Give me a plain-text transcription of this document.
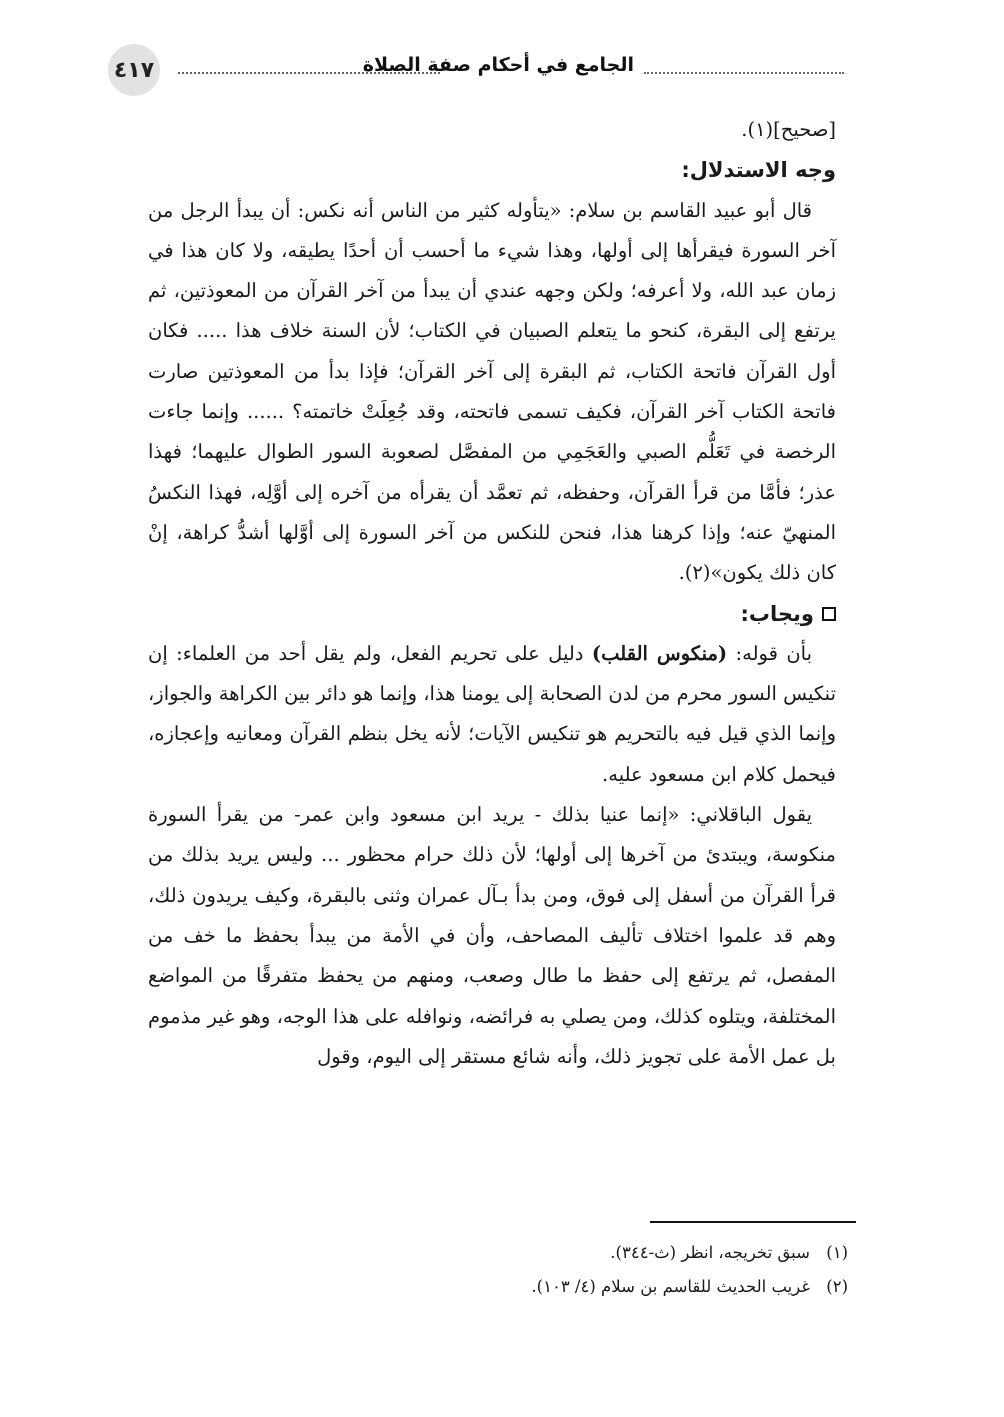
٤١٧	الجامع في أحكام صفة الصلاة

[صحيح](١).

وجه الاستدلال:

قال أبو عبيد القاسم بن سلام: «يتأوله كثير من الناس أنه نكس: أن يبدأ الرجل من آخر السورة فيقرأها إلى أولها، وهذا شيء ما أحسب أن أحدًا يطيقه، ولا كان هذا في زمان عبد الله، ولا أعرفه؛ ولكن وجهه عندي أن يبدأ من آخر القرآن من المعوذتين، ثم يرتفع إلى البقرة، كنحو ما يتعلم الصبيان في الكتاب؛ لأن السنة خلاف هذا ..... فكان أول القرآن فاتحة الكتاب، ثم البقرة إلى آخر القرآن؛ فإذا بدأ من المعوذتين صارت فاتحة الكتاب آخر القرآن، فكيف تسمى فاتحته، وقد جُعِلَتْ خاتمته؟ ...... وإنما جاءت الرخصة في تَعَلُّم الصبي والعَجَمِي من المفصَّل لصعوبة السور الطوال عليهما؛ فهذا عذر؛ فأمَّا من قرأ القرآن، وحفظه، ثم تعمَّد أن يقرأه من آخره إلى أوَّلِه، فهذا النكسُ المنهيّ عنه؛ وإذا كرهنا هذا، فنحن للنكس من آخر السورة إلى أوَّلها أشدُّ كراهة، إنْ كان ذلك يكون»(٢).

ويجاب:

بأن قوله: (منكوس القلب) دليل على تحريم الفعل، ولم يقل أحد من العلماء: إن تنكيس السور محرم من لدن الصحابة إلى يومنا هذا، وإنما هو دائر بين الكراهة والجواز، وإنما الذي قيل فيه بالتحريم هو تنكيس الآيات؛ لأنه يخل بنظم القرآن ومعانيه وإعجازه، فيحمل كلام ابن مسعود عليه.

يقول الباقلاني: «إنما عنيا بذلك - يريد ابن مسعود وابن عمر- من يقرأ السورة منكوسة، ويبتدئ من آخرها إلى أولها؛ لأن ذلك حرام محظور ... وليس يريد بذلك من قرأ القرآن من أسفل إلى فوق، ومن بدأ بـآل عمران وثنى بالبقرة، وكيف يريدون ذلك، وهم قد علموا اختلاف تأليف المصاحف، وأن في الأمة من يبدأ بحفظ ما خف من المفصل، ثم يرتفع إلى حفظ ما طال وصعب، ومنهم من يحفظ متفرقًا من المواضع المختلفة، ويتلوه كذلك، ومن يصلي به فرائضه، ونوافله على هذا الوجه، وهو غير مذموم بل عمل الأمة على تجويز ذلك، وأنه شائع مستقر إلى اليوم، وقول

(١)سبق تخريجه، انظر (ث-٣٤٤).

(٢)غريب الحديث للقاسم بن سلام (٤/ ١٠٣).
